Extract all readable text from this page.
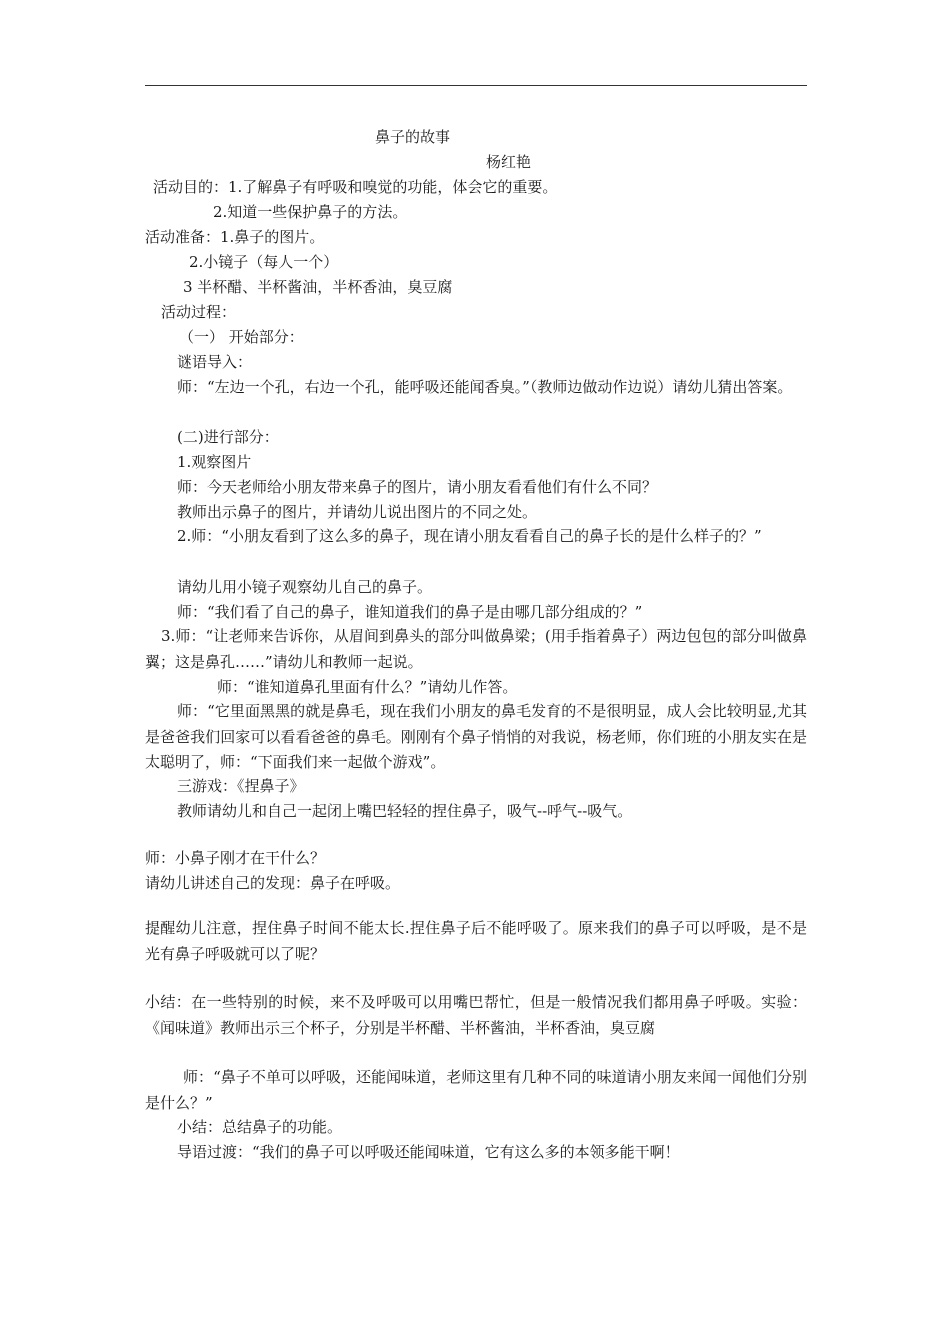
鼻子的故事
杨红艳
活动目的：1.了解鼻子有呼吸和嗅觉的功能，体会它的重要。
2.知道一些保护鼻子的方法。
活动准备：1.鼻子的图片。
2.小镜子（每人一个）
3 半杯醋、半杯酱油，半杯香油，臭豆腐
活动过程：
（一） 开始部分：
谜语导入：
师：“左边一个孔，右边一个孔，能呼吸还能闻香臭。”（教师边做动作边说）请幼儿猜出答案。
(二)进行部分：
1.观察图片
师：今天老师给小朋友带来鼻子的图片，请小朋友看看他们有什么不同？
教师出示鼻子的图片，并请幼儿说出图片的不同之处。
2.师：“小朋友看到了这么多的鼻子，现在请小朋友看看自己的鼻子长的是什么样子的？”
请幼儿用小镜子观察幼儿自己的鼻子。
师：“我们看了自己的鼻子，谁知道我们的鼻子是由哪几部分组成的？”
3.师：“让老师来告诉你，从眉间到鼻头的部分叫做鼻梁；(用手指着鼻子）两边包包的部分叫做鼻翼；这是鼻孔……”请幼儿和教师一起说。
师：“谁知道鼻孔里面有什么？”请幼儿作答。
师：“它里面黑黑的就是鼻毛，现在我们小朋友的鼻毛发育的不是很明显，成人会比较明显,尤其是爸爸我们回家可以看看爸爸的鼻毛。刚刚有个鼻子悄悄的对我说，杨老师，你们班的小朋友实在是太聪明了，师：“下面我们来一起做个游戏”。
三游戏：《捏鼻子》
教师请幼儿和自己一起闭上嘴巴轻轻的捏住鼻子，吸气--呼气--吸气。
师：小鼻子刚才在干什么？
请幼儿讲述自己的发现：鼻子在呼吸。
提醒幼儿注意，捏住鼻子时间不能太长.捏住鼻子后不能呼吸了。原来我们的鼻子可以呼吸，是不是光有鼻子呼吸就可以了呢？
小结：在一些特别的时候，来不及呼吸可以用嘴巴帮忙，但是一般情况我们都用鼻子呼吸。实验：《闻味道》教师出示三个杯子，分别是半杯醋、半杯酱油，半杯香油，臭豆腐
师：“鼻子不单可以呼吸，还能闻味道，老师这里有几种不同的味道请小朋友来闻一闻他们分别是什么？”
小结：总结鼻子的功能。
导语过渡：“我们的鼻子可以呼吸还能闻味道，它有这么多的本领多能干啊！
